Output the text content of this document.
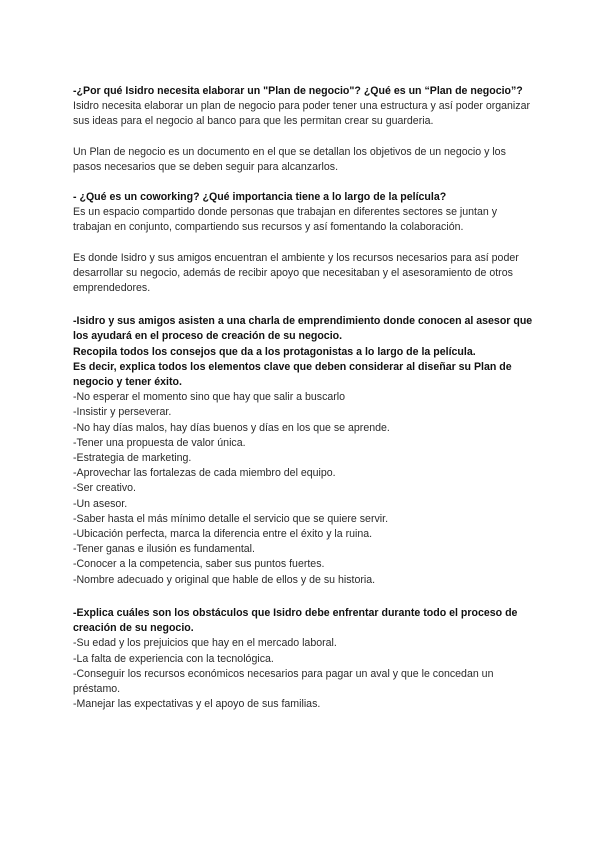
-¿Por qué Isidro necesita elaborar un "Plan de negocio"? ¿Qué es un “Plan de negocio”?

Isidro necesita elaborar un plan de negocio para poder tener una estructura y así poder organizar sus ideas para el negocio al banco para que les permitan crear su guarderia.

Un Plan de negocio es un documento en el que se detallan los objetivos de un negocio y los pasos necesarios que se deben seguir para alcanzarlos.

- ¿Qué es un coworking? ¿Qué importancia tiene a lo largo de la película?

Es un espacio compartido donde personas que trabajan en diferentes sectores se juntan y trabajan en conjunto, compartiendo sus recursos y así fomentando la colaboración.

Es donde Isidro y sus amigos encuentran el ambiente y los recursos necesarios para así poder desarrollar su negocio, además de recibir apoyo que necesitaban y el asesoramiento de otros emprendedores.

-Isidro y sus amigos asisten a una charla de emprendimiento donde conocen al asesor que los ayudará en el proceso de creación de su negocio.

Recopila todos los consejos que da a los protagonistas a lo largo de la película.

Es decir, explica todos los elementos clave que deben considerar al diseñar su Plan de negocio y tener éxito.

-No esperar el momento sino que hay que salir a buscarlo
-Insistir y perseverar.
-No hay días malos, hay días buenos y días en los que se aprende.
-Tener una propuesta de valor única.
-Estrategia de marketing.
-Aprovechar las fortalezas de cada miembro del equipo.
-Ser creativo.
-Un asesor.
-Saber hasta el más mínimo detalle el servicio que se quiere servir.
-Ubicación perfecta, marca la diferencia entre el éxito y la ruina.
-Tener ganas e ilusión es fundamental.
-Conocer a la competencia, saber sus puntos fuertes.
-Nombre adecuado y original que hable de ellos y de su historia.

-Explica cuáles son los obstáculos que Isidro debe enfrentar durante todo el proceso de creación de su negocio.

-Su edad y los prejuicios que hay en el mercado laboral.
-La falta de experiencia con la tecnológica.
-Conseguir los recursos económicos necesarios para pagar un aval y que le concedan un préstamo.
-Manejar las expectativas y el apoyo de sus familias.
